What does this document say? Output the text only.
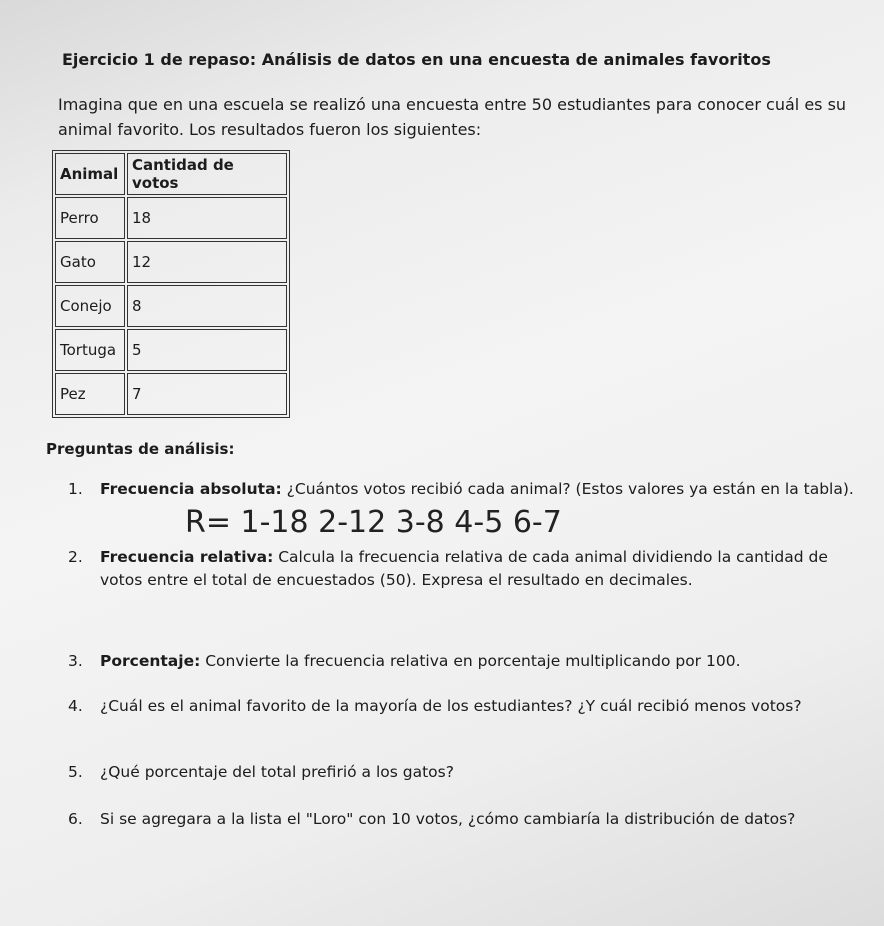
Ejercicio 1 de repaso: Análisis de datos en una encuesta de animales favoritos
Imagina que en una escuela se realizó una encuesta entre 50 estudiantes para conocer cuál es su animal favorito. Los resultados fueron los siguientes:
Animal	Cantidad de votos
Perro	18
Gato	12
Conejo	8
Tortuga	5
Pez	7
Preguntas de análisis:
1. Frecuencia absoluta: ¿Cuántos votos recibió cada animal? (Estos valores ya están en la tabla).
2. Frecuencia relativa: Calcula la frecuencia relativa de cada animal dividiendo la cantidad de votos entre el total de encuestados (50). Expresa el resultado en decimales.
3. Porcentaje: Convierte la frecuencia relativa en porcentaje multiplicando por 100.
4. ¿Cuál es el animal favorito de la mayoría de los estudiantes? ¿Y cuál recibió menos votos?
5. ¿Qué porcentaje del total prefirió a los gatos?
6. Si se agregara a la lista el "Loro" con 10 votos, ¿cómo cambiaría la distribución de datos?
R= 1-18 2-12 3-8 4-5 6-7
